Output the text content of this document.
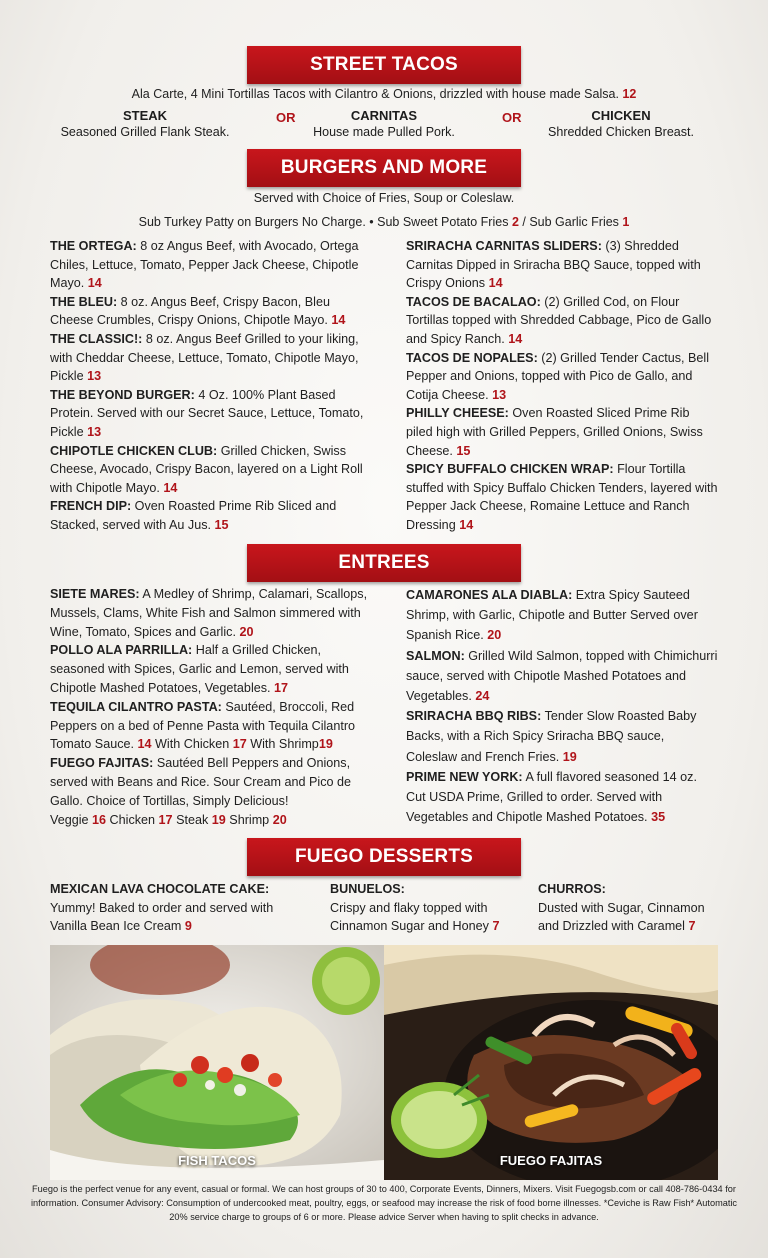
STREET TACOS
Ala Carte, 4 Mini Tortillas Tacos with Cilantro & Onions, drizzled with house made Salsa. 12
STEAK
Seasoned Grilled Flank Steak.
OR	CARNITAS
House made Pulled Pork.
OR	CHICKEN
Shredded Chicken Breast.
BURGERS AND MORE
Served with Choice of Fries, Soup or Coleslaw.
Sub Turkey Patty on Burgers No Charge. • Sub Sweet Potato Fries 2 / Sub Garlic Fries 1
THE ORTEGA: 8 oz Angus Beef, with Avocado, Ortega Chiles, Lettuce, Tomato, Pepper Jack Cheese, Chipotle Mayo. 14
THE BLEU: 8 oz. Angus Beef, Crispy Bacon, Bleu Cheese Crumbles, Crispy Onions, Chipotle Mayo. 14
THE CLASSIC!: 8 oz. Angus Beef Grilled to your liking, with Cheddar Cheese, Lettuce, Tomato, Chipotle Mayo, Pickle 13
THE BEYOND BURGER: 4 Oz. 100% Plant Based Protein. Served with our Secret Sauce, Lettuce, Tomato, Pickle 13
CHIPOTLE CHICKEN CLUB: Grilled Chicken, Swiss Cheese, Avocado, Crispy Bacon, layered on a Light Roll with Chipotle Mayo. 14
FRENCH DIP: Oven Roasted Prime Rib Sliced and Stacked, served with Au Jus. 15
SRIRACHA CARNITAS SLIDERS: (3) Shredded Carnitas Dipped in Sriracha BBQ Sauce, topped with Crispy Onions 14
TACOS DE BACALAO: (2) Grilled Cod, on Flour Tortillas topped with Shredded Cabbage, Pico de Gallo and Spicy Ranch. 14
TACOS DE NOPALES: (2) Grilled Tender Cactus, Bell Pepper and Onions, topped with Pico de Gallo, and Cotija Cheese. 13
PHILLY CHEESE: Oven Roasted Sliced Prime Rib piled high with Grilled Peppers, Grilled Onions, Swiss Cheese. 15
SPICY BUFFALO CHICKEN WRAP: Flour Tortilla stuffed with Spicy Buffalo Chicken Tenders, layered with Pepper Jack Cheese, Romaine Lettuce and Ranch Dressing 14
ENTREES
SIETE MARES: A Medley of Shrimp, Calamari, Scallops, Mussels, Clams, White Fish and Salmon simmered with Wine, Tomato, Spices and Garlic. 20
POLLO ALA PARRILLA: Half a Grilled Chicken, seasoned with Spices, Garlic and Lemon, served with Chipotle Mashed Potatoes, Vegetables. 17
TEQUILA CILANTRO PASTA: Sautéed, Broccoli, Red Peppers on a bed of Penne Pasta with Tequila Cilantro Tomato Sauce. 14 With Chicken 17 With Shrimp19
FUEGO FAJITAS: Sautéed Bell Peppers and Onions, served with Beans and Rice. Sour Cream and Pico de Gallo. Choice of Tortillas, Simply Delicious!
Veggie 16 Chicken 17 Steak 19 Shrimp 20
CAMARONES ALA DIABLA: Extra Spicy Sauteed Shrimp, with Garlic, Chipotle and Butter Served over Spanish Rice. 20
SALMON: Grilled Wild Salmon, topped with Chimichurri sauce, served with Chipotle Mashed Potatoes and Vegetables. 24
SRIRACHA BBQ RIBS: Tender Slow Roasted Baby Backs, with a Rich Spicy Sriracha BBQ sauce, Coleslaw and French Fries. 19
PRIME NEW YORK: A full flavored seasoned 14 oz. Cut USDA Prime, Grilled to order. Served with Vegetables and Chipotle Mashed Potatoes. 35
FUEGO DESSERTS
MEXICAN LAVA CHOCOLATE CAKE:
Yummy! Baked to order and served with Vanilla Bean Ice Cream 9
BUNUELOS:
Crispy and flaky topped with Cinnamon Sugar and Honey 7
CHURROS:
Dusted with Sugar, Cinnamon and Drizzled with Caramel 7
FISH TACOS	FUEGO FAJITAS
Fuego is the perfect venue for any event, casual or formal. We can host groups of 30 to 400, Corporate Events, Dinners, Mixers. Visit Fuegogsb.com or call 408-786-0434 for information. Consumer Advisory: Consumption of undercooked meat, poultry, eggs, or seafood may increase the risk of food borne illnesses. *Ceviche is Raw Fish* Automatic 20% service charge to groups of 6 or more. Please advice Server when having to split checks in advance.
